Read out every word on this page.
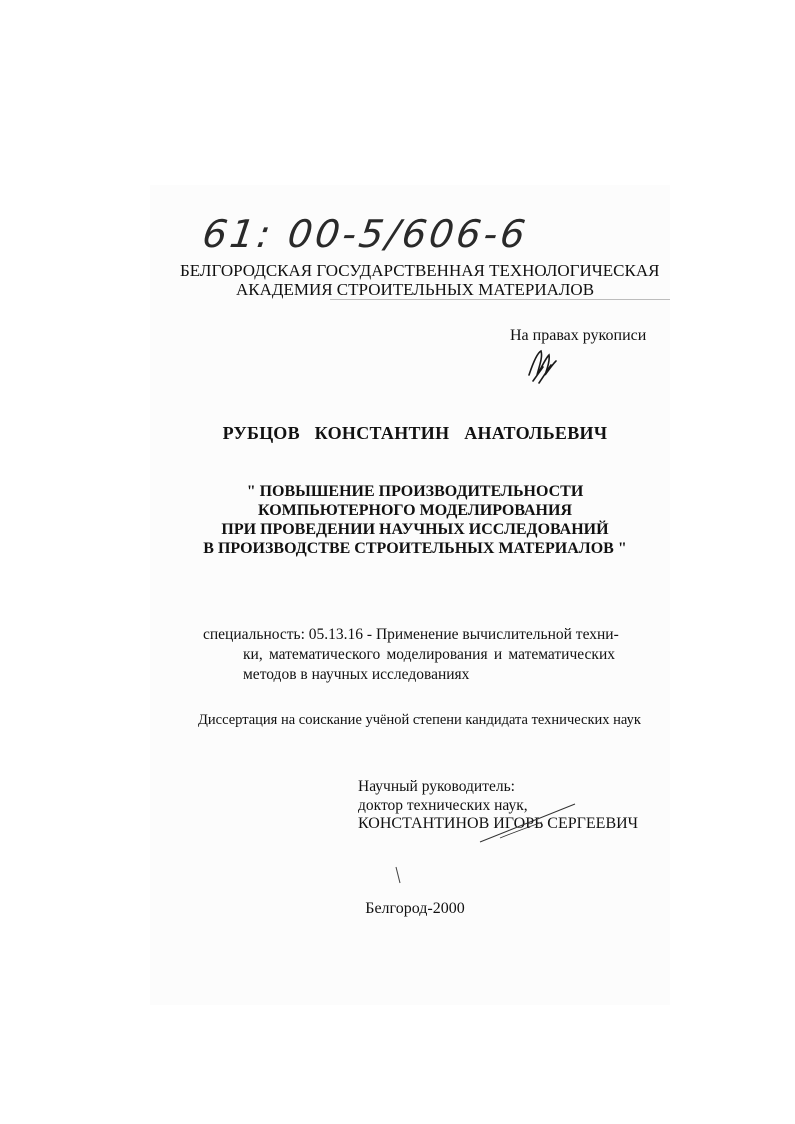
61: 00-5/606-6
БЕЛГОРОДСКАЯ ГОСУДАРСТВЕННАЯ ТЕХНОЛОГИЧЕСКАЯ
АКАДЕМИЯ СТРОИТЕЛЬНЫХ МАТЕРИАЛОВ
На правах рукописи
РУБЦОВ КОНСТАНТИН АНАТОЛЬЕВИЧ
" ПОВЫШЕНИЕ ПРОИЗВОДИТЕЛЬНОСТИ
КОМПЬЮТЕРНОГО МОДЕЛИРОВАНИЯ
ПРИ ПРОВЕДЕНИИ НАУЧНЫХ ИССЛЕДОВАНИЙ
В ПРОИЗВОДСТВЕ СТРОИТЕЛЬНЫХ МАТЕРИАЛОВ "
специальность: 05.13.16 - Применение вычислительной техни-
ки, математического моделирования и математических
методов в научных исследованиях
Диссертация на соискание учёной степени кандидата технических наук
Научный руководитель:
доктор технических наук,
КОНСТАНТИНОВ ИГОРЬ СЕРГЕЕВИЧ
Белгород-2000
